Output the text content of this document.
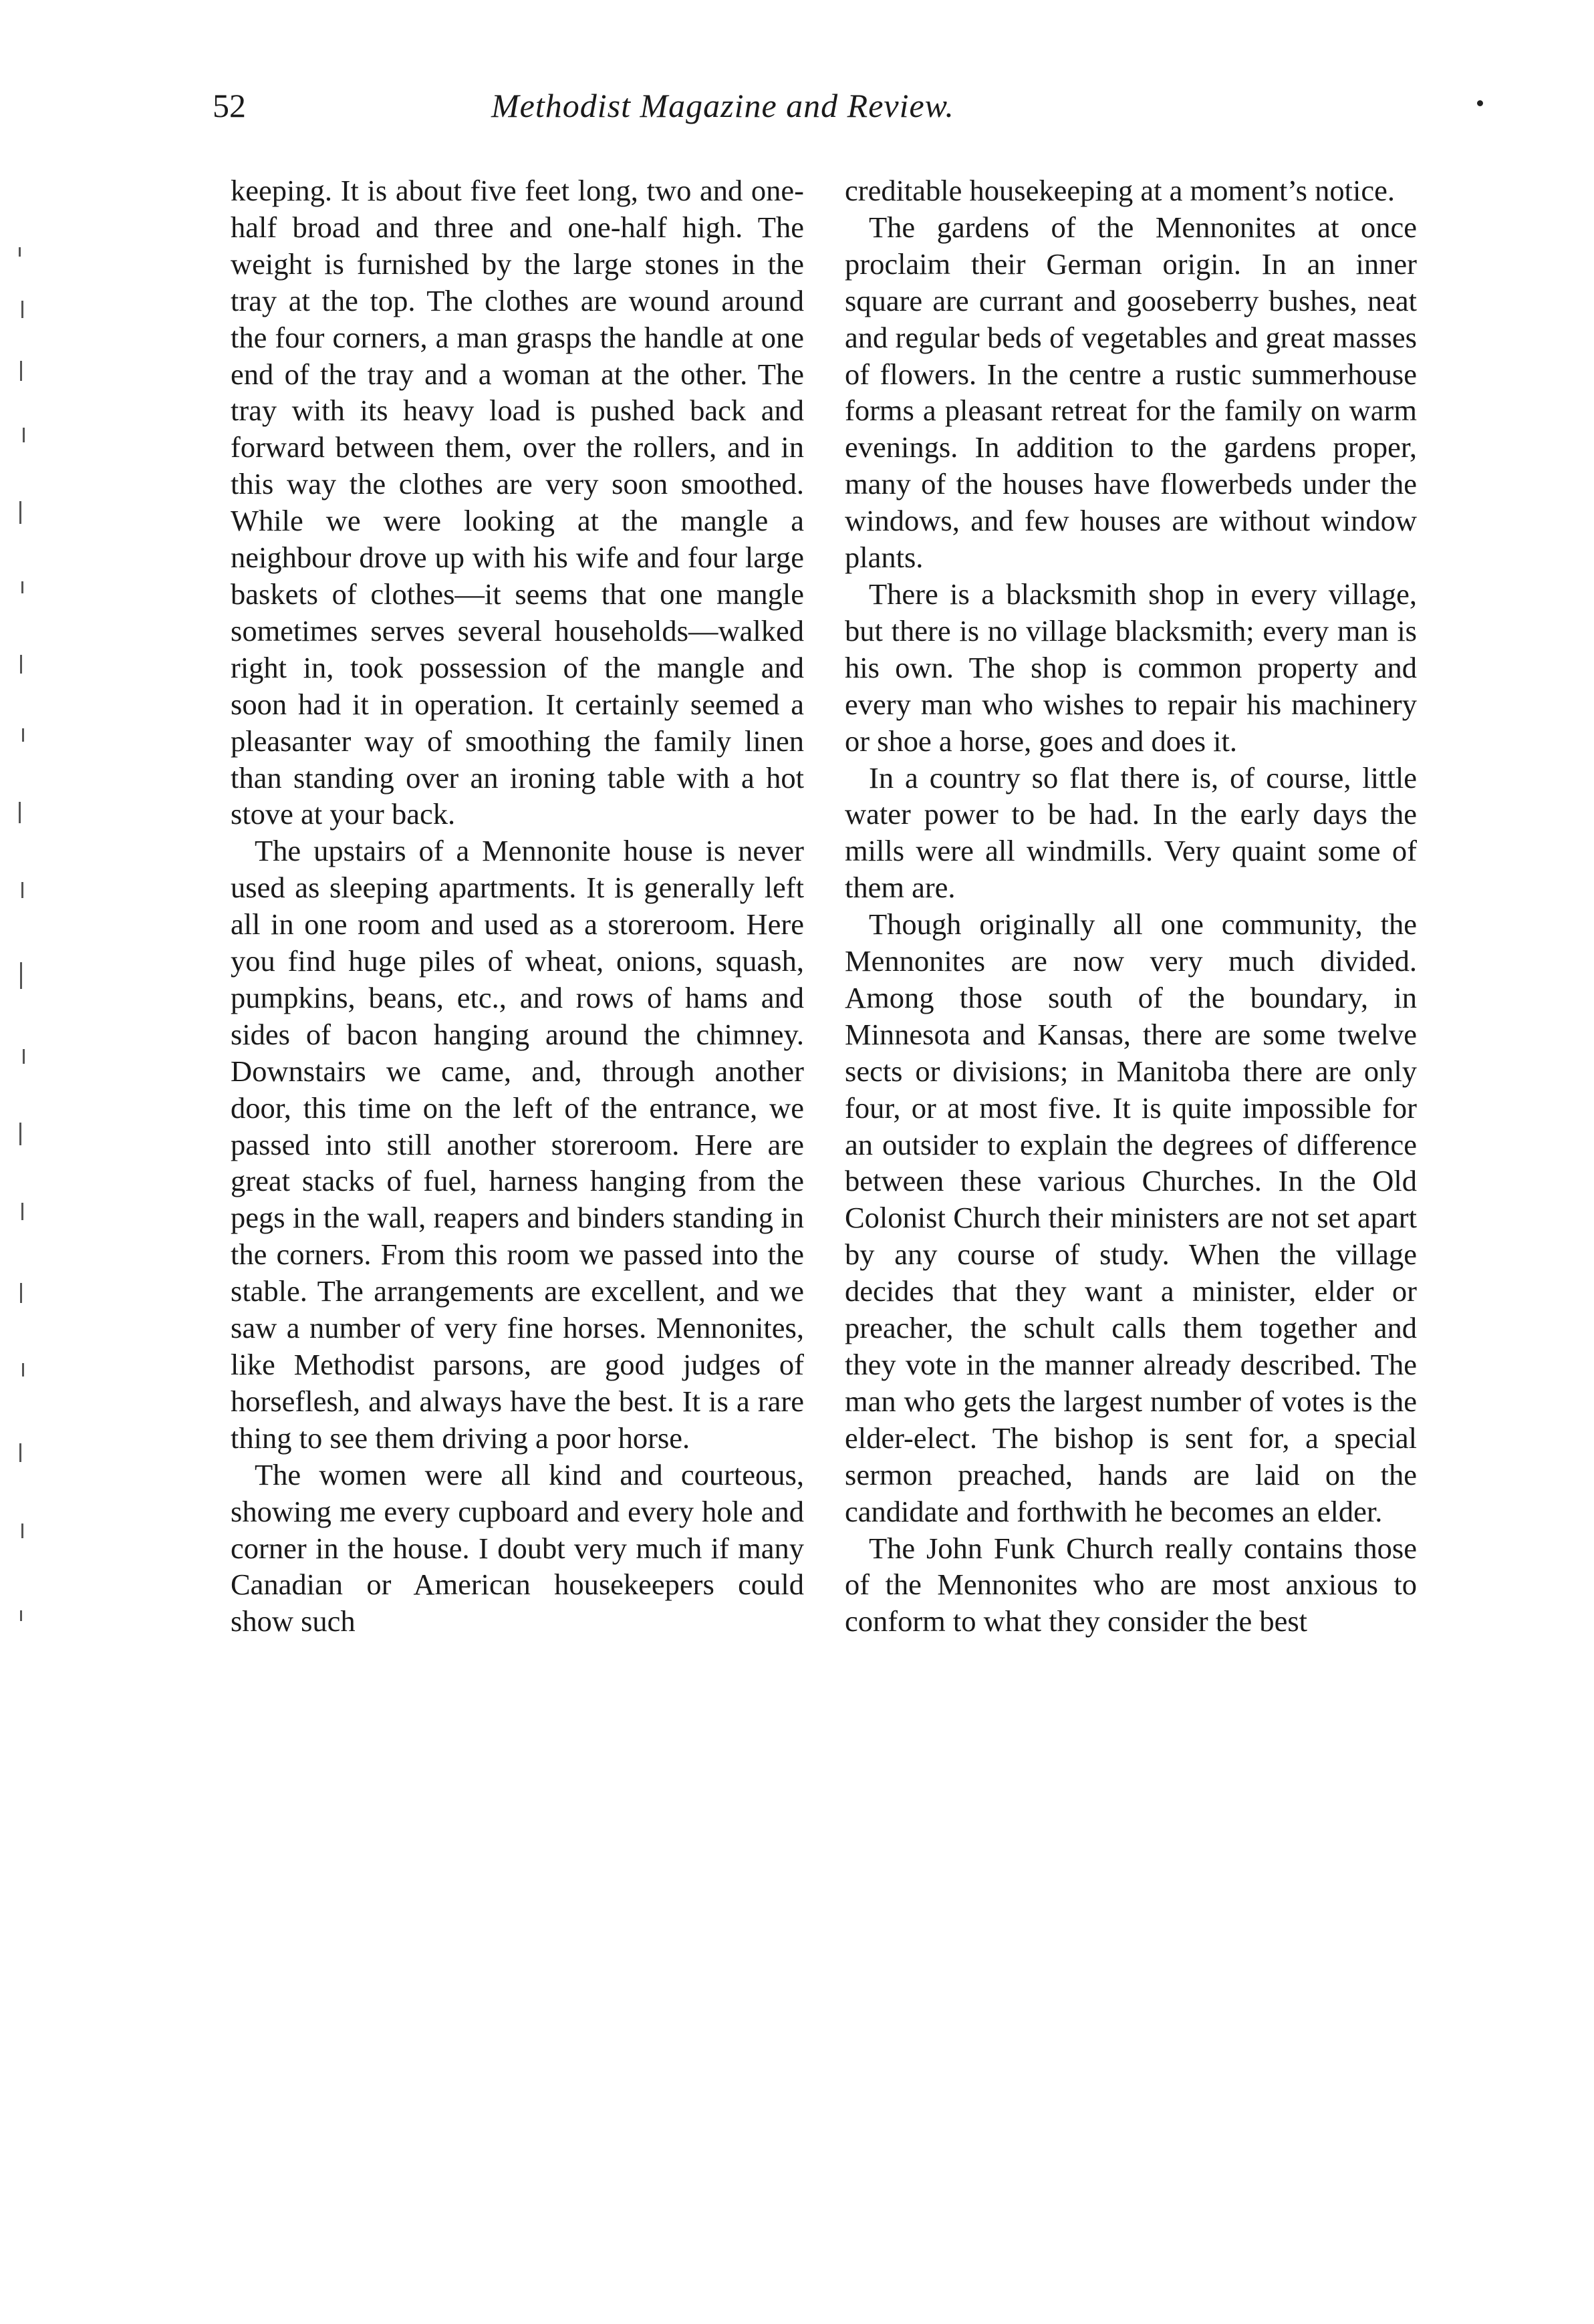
52	Methodist Magazine and Review.

keeping. It is about five feet long, two and one-half broad and three and one-half high. The weight is furnished by the large stones in the tray at the top. The clothes are wound around the four corners, a man grasps the handle at one end of the tray and a woman at the other. The tray with its heavy load is pushed back and forward between them, over the rollers, and in this way the clothes are very soon smoothed. While we were looking at the mangle a neighbour drove up with his wife and four large baskets of clothes—it seems that one mangle sometimes serves several households—walked right in, took possession of the mangle and soon had it in operation. It certainly seemed a pleasanter way of smoothing the family linen than standing over an ironing table with a hot stove at your back.

The upstairs of a Mennonite house is never used as sleeping apartments. It is generally left all in one room and used as a storeroom. Here you find huge piles of wheat, onions, squash, pumpkins, beans, etc., and rows of hams and sides of bacon hanging around the chimney. Downstairs we came, and, through another door, this time on the left of the entrance, we passed into still another storeroom. Here are great stacks of fuel, harness hanging from the pegs in the wall, reapers and binders standing in the corners. From this room we passed into the stable. The arrangements are excellent, and we saw a number of very fine horses. Mennonites, like Methodist parsons, are good judges of horseflesh, and always have the best. It is a rare thing to see them driving a poor horse.

The women were all kind and courteous, showing me every cupboard and every hole and corner in the house. I doubt very much if many Canadian or American housekeepers could show such

creditable housekeeping at a moment’s notice.

The gardens of the Mennonites at once proclaim their German origin. In an inner square are currant and gooseberry bushes, neat and regular beds of vegetables and great masses of flowers. In the centre a rustic summerhouse forms a pleasant retreat for the family on warm evenings. In addition to the gardens proper, many of the houses have flowerbeds under the windows, and few houses are without window plants.

There is a blacksmith shop in every village, but there is no village blacksmith; every man is his own. The shop is common property and every man who wishes to repair his machinery or shoe a horse, goes and does it.

In a country so flat there is, of course, little water power to be had. In the early days the mills were all windmills. Very quaint some of them are.

Though originally all one community, the Mennonites are now very much divided. Among those south of the boundary, in Minnesota and Kansas, there are some twelve sects or divisions; in Manitoba there are only four, or at most five. It is quite impossible for an outsider to explain the degrees of difference between these various Churches. In the Old Colonist Church their ministers are not set apart by any course of study. When the village decides that they want a minister, elder or preacher, the schult calls them together and they vote in the manner already described. The man who gets the largest number of votes is the elder-elect. The bishop is sent for, a special sermon preached, hands are laid on the candidate and forthwith he becomes an elder.

The John Funk Church really contains those of the Mennonites who are most anxious to conform to what they consider the best
